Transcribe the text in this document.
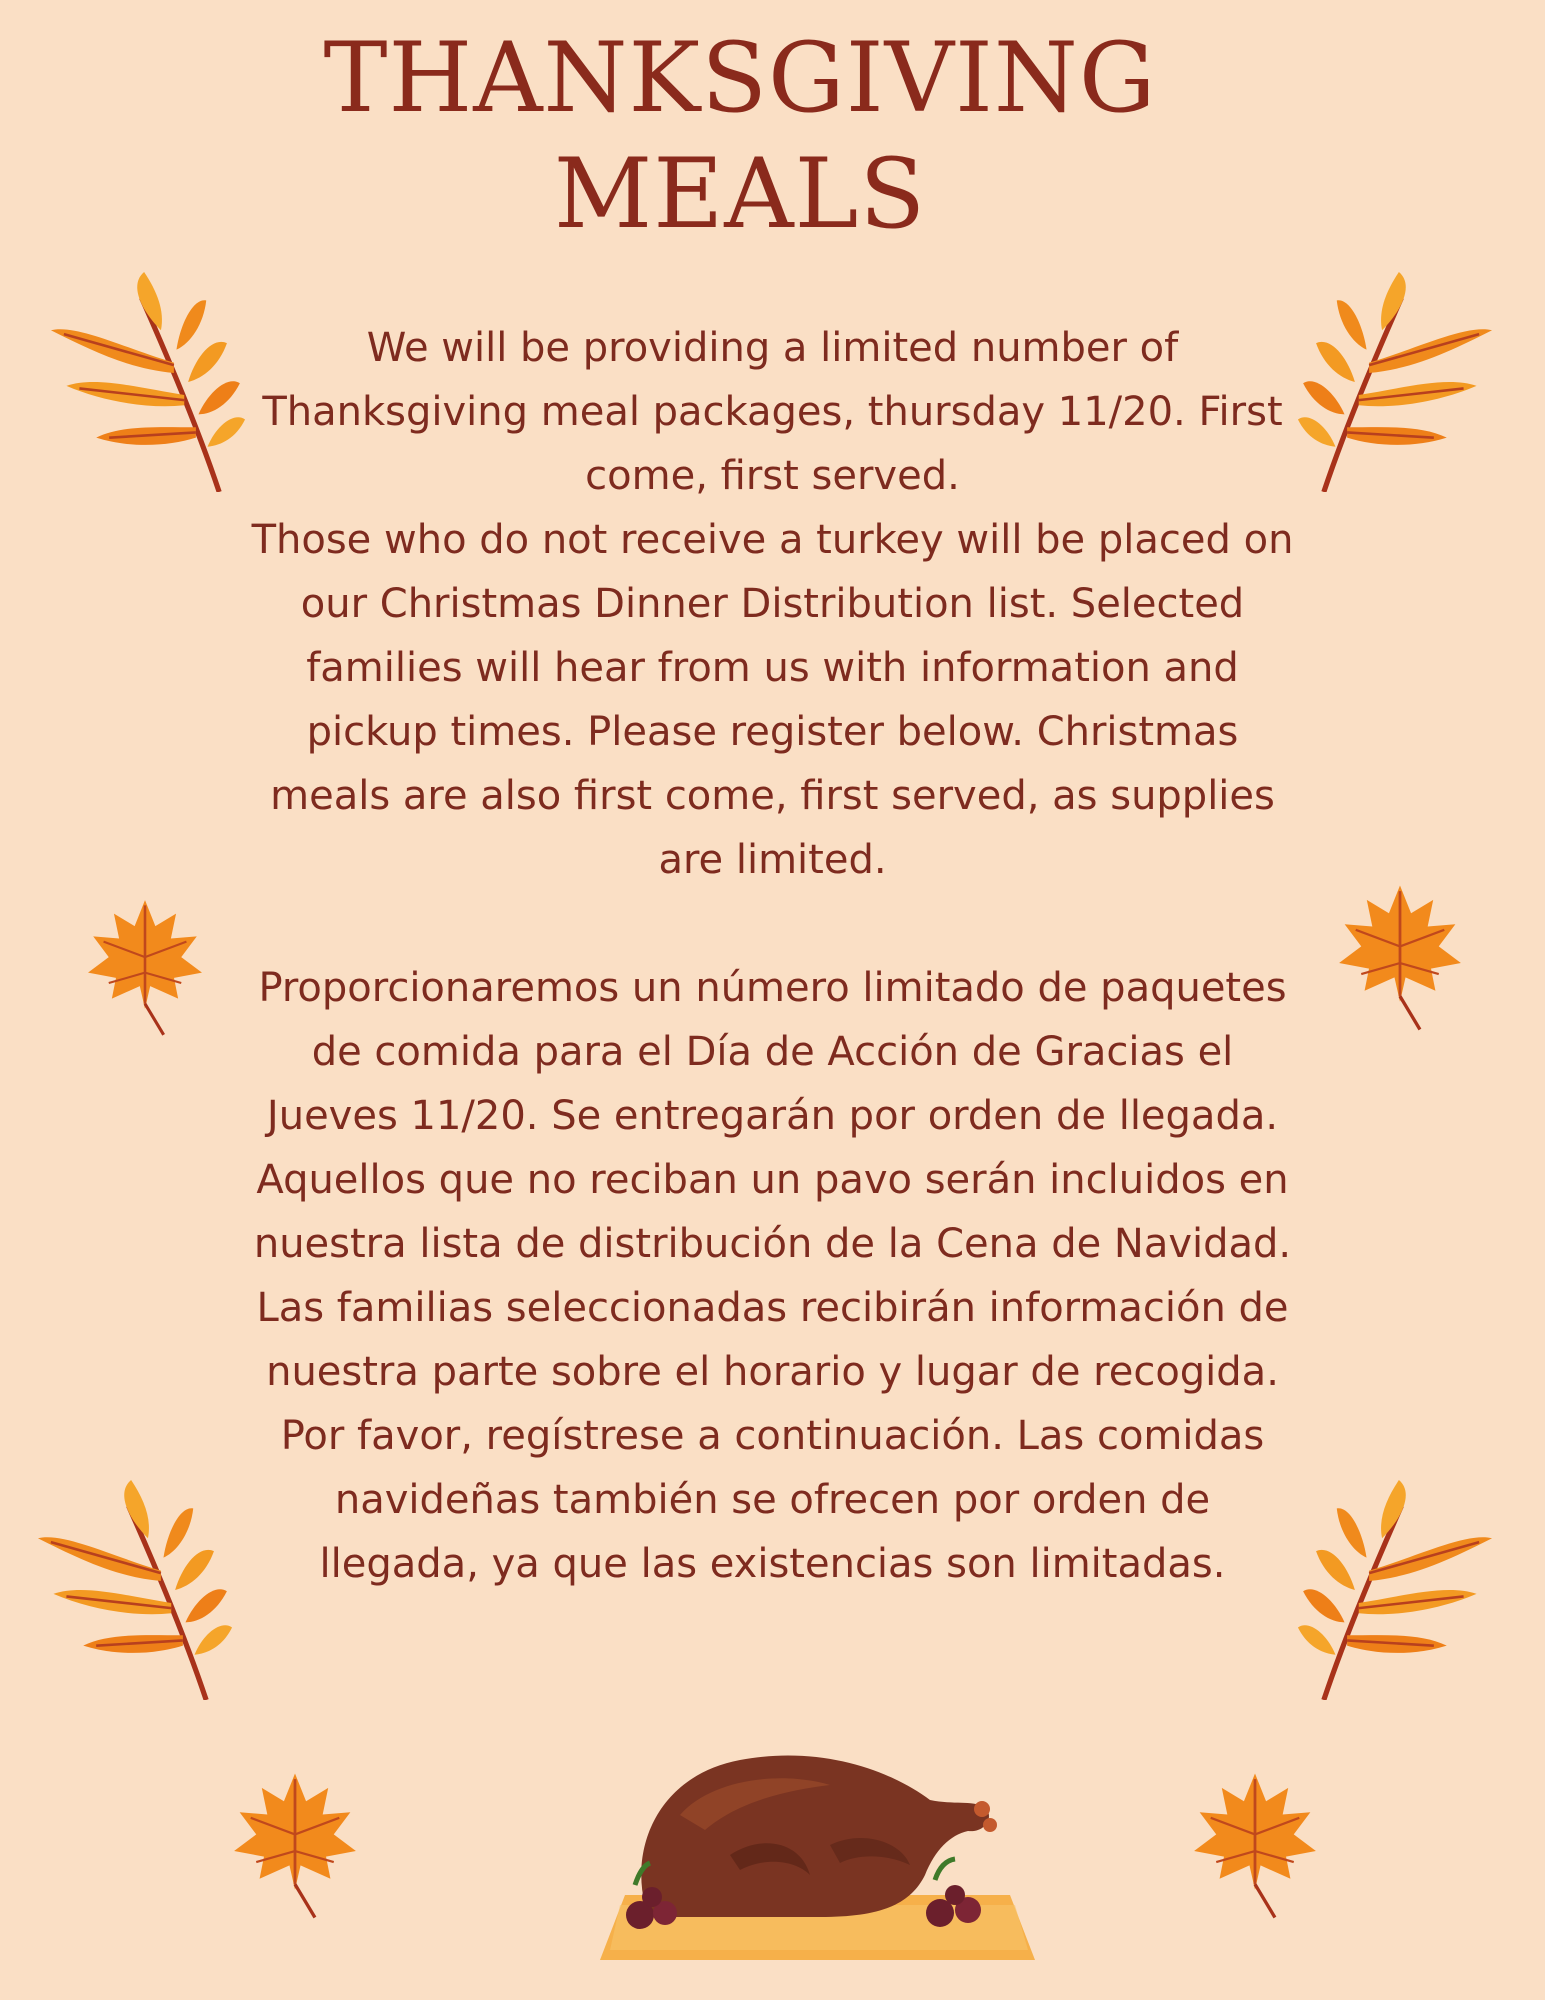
THANKSGIVING
MEALS

We will be providing a limited number of Thanksgiving meal packages, thursday 11/20. First come, first served.

Those who do not receive a turkey will be placed on our Christmas Dinner Distribution list. Selected families will hear from us with information and pickup times. Please register below. Christmas meals are also first come, first served, as supplies are limited.

Proporcionaremos un número limitado de paquetes de comida para el Día de Acción de Gracias el Jueves 11/20. Se entregarán por orden de llegada.

Aquellos que no reciban un pavo serán incluidos en nuestra lista de distribución de la Cena de Navidad. Las familias seleccionadas recibirán información de nuestra parte sobre el horario y lugar de recogida.

Por favor, regístrese a continuación. Las comidas navideñas también se ofrecen por orden de llegada, ya que las existencias son limitadas.
